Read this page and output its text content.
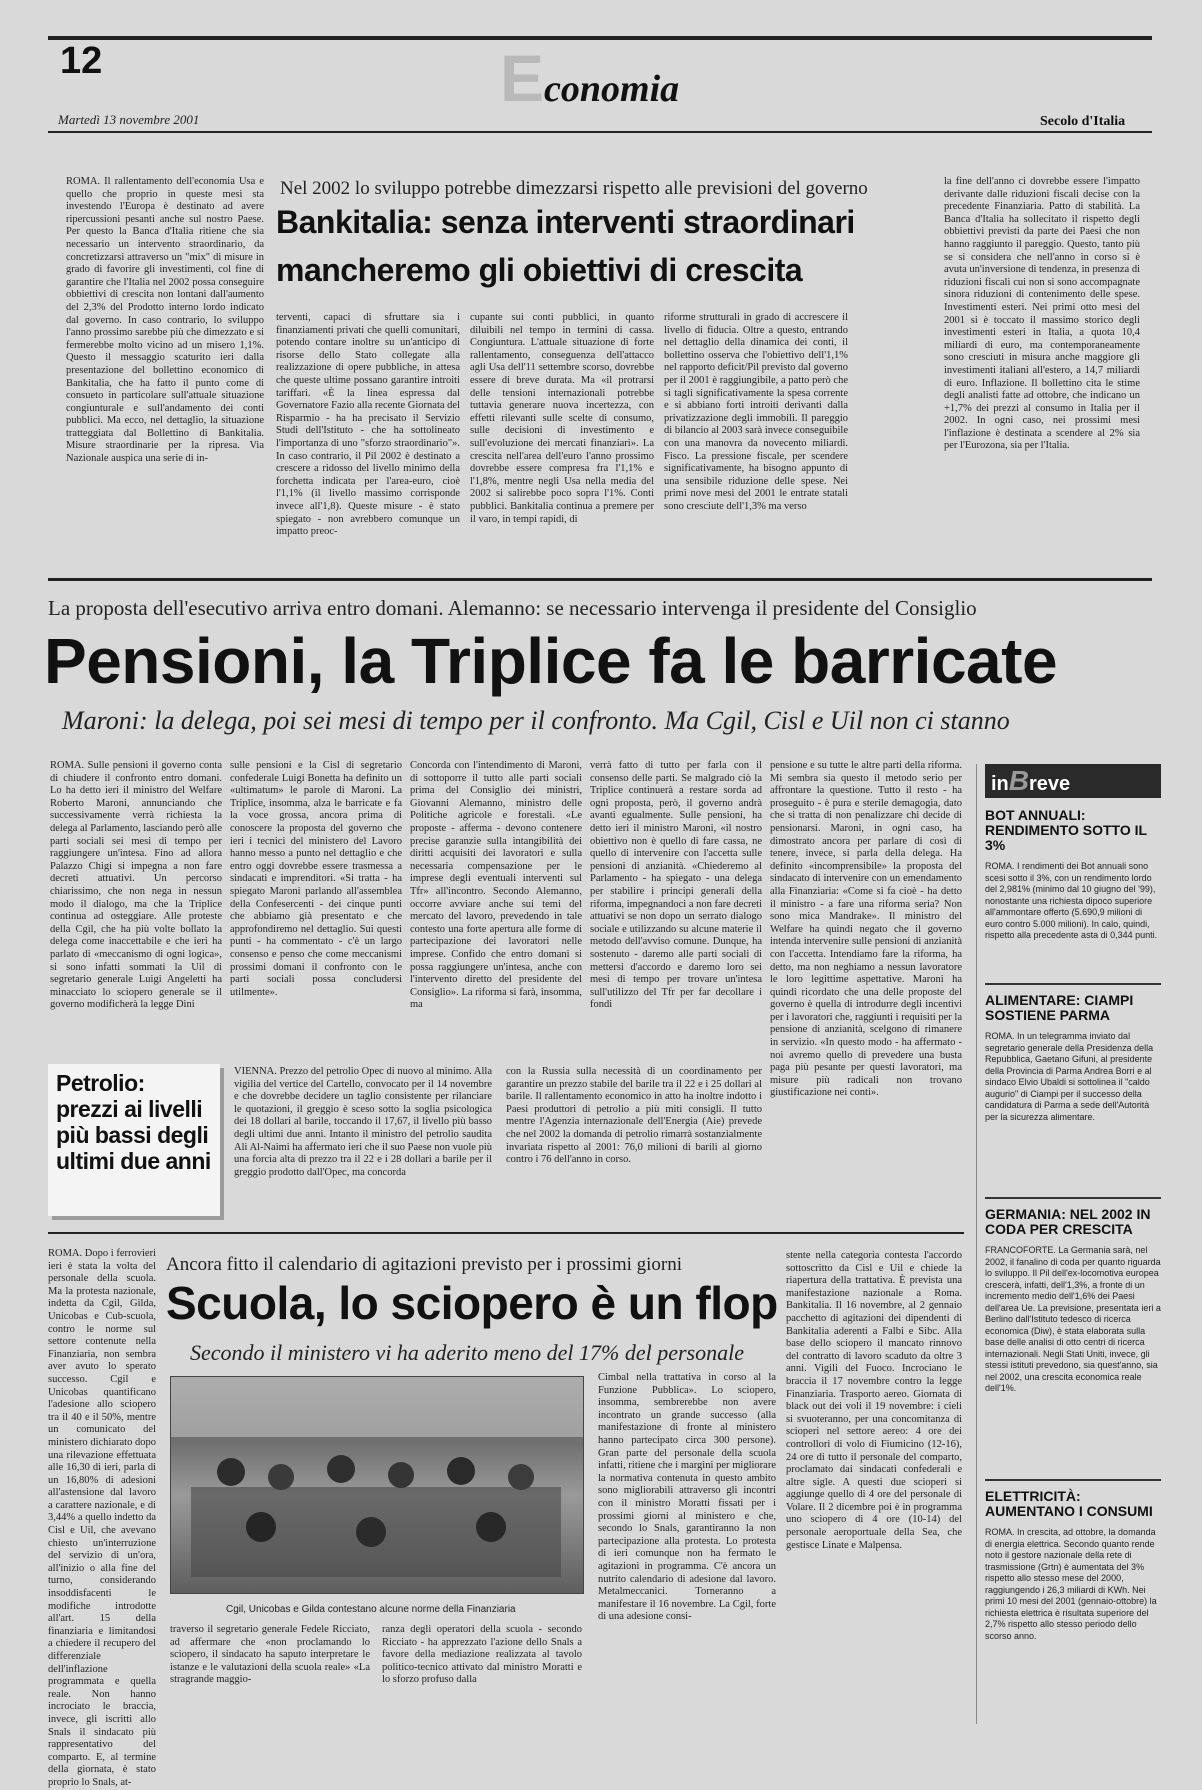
12	Economia
Martedì 13 novembre 2001	Secolo d'Italia
ROMA. Il rallentamento dell'economia Usa e quello che proprio in queste mesi sta investendo l'Europa è destinato ad avere ripercussioni pesanti anche sul nostro Paese. Per questo la Banca d'Italia ritiene che sia necessario un intervento straordinario, da concretizzarsi attraverso un "mix" di misure in grado di favorire gli investimenti, col fine di garantire che l'Italia nel 2002 possa conseguire obbiettivi di crescita non lontani dall'aumento del 2,3% del Prodotto interno lordo indicato dal governo. In caso contrario, lo sviluppo l'anno prossimo sarebbe più che dimezzato e si fermerebbe molto vicino ad un misero 1,1%. Questo il messaggio scaturito ieri dalla presentazione del bollettino economico di Bankitalia, che ha fatto il punto come di consueto in particolare sull'attuale situazione congiunturale e sull'andamento dei conti pubblici. Ma ecco, nel dettaglio, la situazione tratteggiata dal Bollettino di Bankitalia. Misure straordinarie per la ripresa. Via Nazionale auspica una serie di in-
Nel 2002 lo sviluppo potrebbe dimezzarsi rispetto alle previsioni del governo
Bankitalia: senza interventi straordinari
mancheremo gli obiettivi di crescita
terventi, capaci di sfruttare sia i finanziamenti privati che quelli comunitari, potendo contare inoltre su un'anticipo di risorse dello Stato collegate alla realizzazione di opere pubbliche, in attesa che queste ultime possano garantire introiti tariffari. «È la linea espressa dal Governatore Fazio alla recente Giornata del Risparmio - ha ha precisato il Servizio Studi dell'Istituto - che ha sottolineato l'importanza di uno "sforzo straordinario"». In caso contrario, il Pil 2002 è destinato a crescere a ridosso del livello minimo della forchetta indicata per l'area-euro, cioè l'1,1% (il livello massimo corrisponde invece all'1,8). Queste misure - è stato spiegato - non avrebbero comunque un impatto preoc-
cupante sui conti pubblici, in quanto diluibili nel tempo in termini di cassa. Congiuntura. L'attuale situazione di forte rallentamento, conseguenza dell'attacco agli Usa dell'11 settembre scorso, dovrebbe essere di breve durata. Ma «il protrarsi delle tensioni internazionali potrebbe tuttavia generare nuova incertezza, con effetti rilevanti sulle scelte di consumo, sulle decisioni di investimento e sull'evoluzione dei mercati finanziari». La crescita nell'area dell'euro l'anno prossimo dovrebbe essere compresa fra l'1,1% e l'1,8%, mentre negli Usa nella media del 2002 si salirebbe poco sopra l'1%. Conti pubblici. Bankitalia continua a premere per il varo, in tempi rapidi, di
riforme strutturali in grado di accrescere il livello di fiducia. Oltre a questo, entrando nel dettaglio della dinamica dei conti, il bollettino osserva che l'obiettivo dell'1,1% nel rapporto deficit/Pil previsto dal governo per il 2001 è raggiungibile, a patto però che si tagli significativamente la spesa corrente e si abbiano forti introiti derivanti dalla privatizzazione degli immobili. Il pareggio di bilancio al 2003 sarà invece conseguibile con una manovra da novecento miliardi. Fisco. La pressione fiscale, per scendere significativamente, ha bisogno appunto di una sensibile riduzione delle spese. Nei primi nove mesi del 2001 le entrate statali sono cresciute dell'1,3% ma verso
la fine dell'anno ci dovrebbe essere l'impatto derivante dalle riduzioni fiscali decise con la precedente Finanziaria. Patto di stabilità. La Banca d'Italia ha sollecitato il rispetto degli obbiettivi previsti da parte dei Paesi che non hanno raggiunto il pareggio. Questo, tanto più se si considera che nell'anno in corso si è avuta un'inversione di tendenza, in presenza di riduzioni fiscali cui non si sono accompagnate sinora riduzioni di contenimento delle spese. Investimenti esteri. Nei primi otto mesi del 2001 si è toccato il massimo storico degli investimenti esteri in Italia, a quota 10,4 miliardi di euro, ma contemporaneamente sono cresciuti in misura anche maggiore gli investimenti italiani all'estero, a 14,7 miliardi di euro. Inflazione. Il bollettino cita le stime degli analisti fatte ad ottobre, che indicano un +1,7% dei prezzi al consumo in Italia per il 2002. In ogni caso, nei prossimi mesi l'inflazione è destinata a scendere al 2% sia per l'Eurozona, sia per l'Italia.
La proposta dell'esecutivo arriva entro domani. Alemanno: se necessario intervenga il presidente del Consiglio
Pensioni, la Triplice fa le barricate
Maroni: la delega, poi sei mesi di tempo per il confronto. Ma Cgil, Cisl e Uil non ci stanno
ROMA. Sulle pensioni il governo conta di chiudere il confronto entro domani. Lo ha detto ieri il ministro del Welfare Roberto Maroni, annunciando che successivamente verrà richiesta la delega al Parlamento, lasciando però alle parti sociali sei mesi di tempo per raggiungere un'intesa. Fino ad allora Palazzo Chigi si impegna a non fare decreti attuativi. Un percorso chiarissimo, che non nega in nessun modo il dialogo, ma che la Triplice continua ad osteggiare. Alle proteste della Cgil, che ha più volte bollato la delega come inaccettabile e che ieri ha parlato di «meccanismo di ogni logica», si sono infatti sommati la Uil di segretario generale Luigi Angeletti ha minacciato lo sciopero generale se il governo modificherà la legge Dini
sulle pensioni e la Cisl di segretario confederale Luigi Bonetta ha definito un «ultimatum» le parole di Maroni. La Triplice, insomma, alza le barricate e fa la voce grossa, ancora prima di conoscere la proposta del governo che ieri i tecnici del ministero del Lavoro hanno messo a punto nel dettaglio e che entro oggi dovrebbe essere trasmessa a sindacati e imprenditori. «Si tratta - ha spiegato Maroni parlando all'assemblea della Confesercenti - dei cinque punti che abbiamo già presentato e che approfondiremo nel dettaglio. Sui questi punti - ha commentato - c'è un largo consenso e penso che come meccanismi prossimi domani il confronto con le parti sociali possa concludersi utilmente».
Concorda con l'intendimento di Maroni, di sottoporre il tutto alle parti sociali prima del Consiglio dei ministri, Giovanni Alemanno, ministro delle Politiche agricole e forestali. «Le proposte - afferma - devono contenere precise garanzie sulla intangibilità dei diritti acquisiti dei lavoratori e sulla necessaria compensazione per le imprese degli eventuali interventi sul Tfr» all'incontro. Secondo Alemanno, occorre avviare anche sui temi del mercato del lavoro, prevedendo in tale contesto una forte apertura alle forme di partecipazione dei lavoratori nelle imprese. Confido che entro domani si possa raggiungere un'intesa, anche con l'intervento diretto del presidente del Consiglio». La riforma si farà, insomma, ma
verrà fatto di tutto per farla con il consenso delle parti. Se malgrado ciò la Triplice continuerà a restare sorda ad ogni proposta, però, il governo andrà avanti egualmente. Sulle pensioni, ha detto ieri il ministro Maroni, «il nostro obiettivo non è quello di fare cassa, ne quello di intervenire con l'accetta sulle pensioni di anzianità. «Chiederemo al Parlamento - ha spiegato - una delega per stabilire i principi generali della riforma, impegnandoci a non fare decreti attuativi se non dopo un serrato dialogo sociale e utilizzando su alcune materie il metodo dell'avviso comune. Dunque, ha sostenuto - daremo alle parti sociali di mettersi d'accordo e daremo loro sei mesi di tempo per trovare un'intesa sull'utilizzo del Tfr per far decollare i fondi
pensione e su tutte le altre parti della riforma. Mi sembra sia questo il metodo serio per affrontare la questione. Tutto il resto - ha proseguito - è pura e sterile demagogia, dato che si tratta di non penalizzare chi decide di pensionarsi. Maroni, in ogni caso, ha dimostrato ancora per parlare di così di tenere, invece, si parla della delega. Ha definito «incomprensibile» la proposta del sindacato di intervenire con un emendamento alla Finanziaria: «Come si fa cioè - ha detto il ministro - a fare una riforma seria? Non sono mica Mandrake». Il ministro del Welfare ha quindi negato che il governo intenda intervenire sulle pensioni di anzianità con l'accetta. Intendiamo fare la riforma, ha detto, ma non neghiamo a nessun lavoratore le loro legittime aspettative. Maroni ha quindi ricordato che una delle proposte del governo è quella di introdurre degli incentivi per i lavoratori che, raggiunti i requisiti per la pensione di anzianità, scelgono di rimanere in servizio. «In questo modo - ha affermato - noi avremo quello di prevedere una busta paga più pesante per questi lavoratori, ma misure più radicali non trovano giustificazione nei conti».
Petrolio: prezzi ai livelli più bassi degli ultimi due anni
VIENNA. Prezzo del petrolio Opec di nuovo al minimo. Alla vigilia del vertice del Cartello, convocato per il 14 novembre e che dovrebbe decidere un taglio consistente per rilanciare le quotazioni, il greggio è sceso sotto la soglia psicologica dei 18 dollari al barile, toccando il 17,67, il livello più basso degli ultimi due anni. Intanto il ministro del petrolio saudita Ali Al-Naimi ha affermato ieri che il suo Paese non vuole più una forcia alta di prezzo tra il 22 e i 28 dollari a barile per il greggio prodotto dall'Opec, ma concorda
con la Russia sulla necessità di un coordinamento per garantire un prezzo stabile del barile tra il 22 e i 25 dollari al barile. Il rallentamento economico in atto ha inoltre indotto i Paesi produttori di petrolio a più miti consigli. Il tutto mentre l'Agenzia internazionale dell'Energia (Aie) prevede che nel 2002 la domanda di petrolio rimarrà sostanzialmente invariata rispetto al 2001: 76,0 milioni di barili al giorno contro i 76 dell'anno in corso.
inBreve
BOT ANNUALI: RENDIMENTO SOTTO IL 3%
ROMA. I rendimenti dei Bot annuali sono scesi sotto il 3%, con un rendimento lordo del 2,981% (minimo dal 10 giugno del '99), nonostante una richiesta dipoco superiore all'ammontare offerto (5.690,9 milioni di euro contro 5.000 milioni). In calo, quindi, rispetto alla precedente asta di 0,344 punti.
ALIMENTARE: CIAMPI SOSTIENE PARMA
ROMA. In un telegramma inviato dal segretario generale della Presidenza della Repubblica, Gaetano Gifuni, al presidente della Provincia di Parma Andrea Borri e al sindaco Elvio Ubaldi si sottolinea il "caldo augurio" di Ciampi per il successo della candidatura di Parma a sede dell'Autorità per la sicurezza alimentare.
GERMANIA: NEL 2002 IN CODA PER CRESCITA
FRANCOFORTE. La Germania sarà, nel 2002, il fanalino di coda per quanto riguarda lo sviluppo. Il Pil dell'ex-locomotiva europea crescerà, infatti, dell'1,3%, a fronte di un incremento medio dell'1,6% dei Paesi dell'area Ue. La previsione, presentata ieri a Berlino dall'Istituto tedesco di ricerca economica (Diw), è stata elaborata sulla base delle analisi di otto centri di ricerca internazionali. Negli Stati Uniti, invece, gli stessi istituti prevedono, sia quest'anno, sia nel 2002, una crescita economica reale dell'1%.
ELETTRICITÀ: AUMENTANO I CONSUMI
ROMA. In crescita, ad ottobre, la domanda di energia elettrica. Secondo quanto rende noto il gestore nazionale della rete di trasmissione (Grtn) è aumentata del 3% rispetto allo stesso mese del 2000, raggiungendo i 26,3 miliardi di KWh. Nei primi 10 mesi del 2001 (gennaio-ottobre) la richiesta elettrica è risultata superiore del 2,7% rispetto allo stesso periodo dello scorso anno.
ROMA. Dopo i ferrovieri ieri è stata la volta del personale della scuola. Ma la protesta nazionale, indetta da Cgil, Gilda, Unicobas e Cub-scuola, contro le norme sul settore contenute nella Finanziaria, non sembra aver avuto lo sperato successo. Cgil e Unicobas quantificano l'adesione allo sciopero tra il 40 e il 50%, mentre un comunicato del ministero dichiarato dopo una rilevazione effettuata alle 16,30 di ieri, parla di un 16,80% di adesioni all'astensione dal lavoro a carattere nazionale, e di 3,44% a quello indetto da Cisl e Uil, che avevano chiesto un'interruzione del servizio di un'ora, all'inizio o alla fine del turno, considerando insoddisfacenti le modifiche introdotte all'art. 15 della finanziaria e limitandosi a chiedere il recupero del differenziale dell'inflazione programmata e quella reale. Non hanno incrociato le braccia, invece, gli iscritti allo Snals il sindacato più rappresentativo del comparto. E, al termine della giornata, è stato proprio lo Snals, at-
Ancora fitto il calendario di agitazioni previsto per i prossimi giorni
Scuola, lo sciopero è un flop
Secondo il ministero vi ha aderito meno del 17% del personale
Cgil, Unicobas e Gilda contestano alcune norme della Finanziaria
traverso il segretario generale Fedele Ricciato, ad affermare che «non proclamando lo sciopero, il sindacato ha saputo interpretare le istanze e le valutazioni della scuola reale» «La stragrande maggio-
ranza degli operatori della scuola - secondo Ricciato - ha apprezzato l'azione dello Snals a favore della mediazione realizzata al tavolo politico-tecnico attivato dal ministro Moratti e lo sforzo profuso dalla
Cimbal nella trattativa in corso al la Funzione Pubblica». Lo sciopero, insomma, sembrerebbe non avere incontrato un grande successo (alla manifestazione di fronte al ministero hanno partecipato circa 300 persone). Gran parte del personale della scuola infatti, ritiene che i margini per migliorare la normativa contenuta in questo ambito sono migliorabili attraverso gli incontri con il ministro Moratti fissati per i prossimi giorni al ministero e che, secondo lo Snals, garantiranno la non partecipazione alla protesta. Lo protesta di ieri comunque non ha fermato le agitazioni in programma. C'è ancora un nutrito calendario di adesione dal lavoro. Metalmeccanici. Torneranno a manifestare il 16 novembre. La Cgil, forte di una adesione consi-
stente nella categoria contesta l'accordo sottoscritto da Cisl e Uil e chiede la riapertura della trattativa. È prevista una manifestazione nazionale a Roma. Bankitalia. Il 16 novembre, al 2 gennaio pacchetto di agitazioni dei dipendenti di Bankitalia aderenti a Falbi e Sibc. Alla base dello sciopero il mancato rinnovo del contratto di lavoro scaduto da oltre 3 anni. Vigili del Fuoco. Incrociano le braccia il 17 novembre contro la legge Finanziaria. Trasporto aereo. Giornata di black out dei voli il 19 novembre: i cieli si svuoteranno, per una concomitanza di scioperi nel settore aereo: 4 ore dei controllori di volo di Fiumicino (12-16), 24 ore di tutto il personale del comparto, proclamato dai sindacati confederali e altre sigle. A questi due scioperi si aggiunge quello di 4 ore del personale di Volare. Il 2 dicembre poi è in programma uno sciopero di 4 ore (10-14) del personale aeroportuale della Sea, che gestisce Linate e Malpensa.
